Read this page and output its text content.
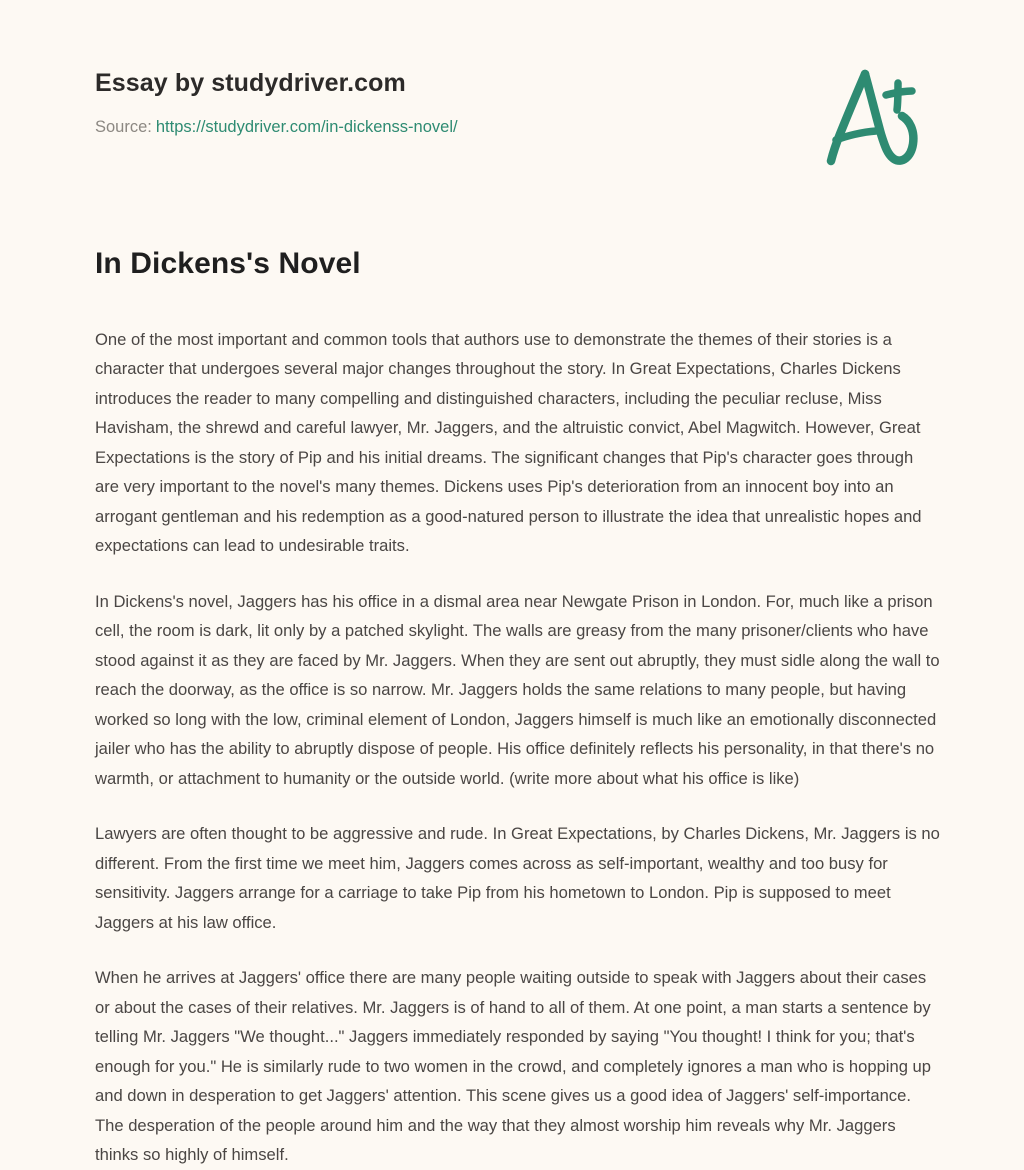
Essay by studydriver.com
Source: https://studydriver.com/in-dickenss-novel/
In Dickens's Novel

One of the most important and common tools that authors use to demonstrate the themes of their stories is a character that undergoes several major changes throughout the story. In Great Expectations, Charles Dickens introduces the reader to many compelling and distinguished characters, including the peculiar recluse, Miss Havisham, the shrewd and careful lawyer, Mr. Jaggers, and the altruistic convict, Abel Magwitch. However, Great Expectations is the story of Pip and his initial dreams. The significant changes that Pip's character goes through are very important to the novel's many themes. Dickens uses Pip's deterioration from an innocent boy into an arrogant gentleman and his redemption as a good-natured person to illustrate the idea that unrealistic hopes and expectations can lead to undesirable traits.

In Dickens's novel, Jaggers has his office in a dismal area near Newgate Prison in London. For, much like a prison cell, the room is dark, lit only by a patched skylight. The walls are greasy from the many prisoner/clients who have stood against it as they are faced by Mr. Jaggers. When they are sent out abruptly, they must sidle along the wall to reach the doorway, as the office is so narrow. Mr. Jaggers holds the same relations to many people, but having worked so long with the low, criminal element of London, Jaggers himself is much like an emotionally disconnected jailer who has the ability to abruptly dispose of people. His office definitely reflects his personality, in that there's no warmth, or attachment to humanity or the outside world. (write more about what his office is like)

Lawyers are often thought to be aggressive and rude. In Great Expectations, by Charles Dickens, Mr. Jaggers is no different. From the first time we meet him, Jaggers comes across as self-important, wealthy and too busy for sensitivity. Jaggers arrange for a carriage to take Pip from his hometown to London. Pip is supposed to meet Jaggers at his law office.

When he arrives at Jaggers' office there are many people waiting outside to speak with Jaggers about their cases or about the cases of their relatives. Mr. Jaggers is of hand to all of them. At one point, a man starts a sentence by telling Mr. Jaggers "We thought..." Jaggers immediately responded by saying "You thought! I think for you; that's enough for you." He is similarly rude to two women in the crowd, and completely ignores a man who is hopping up and down in desperation to get Jaggers' attention. This scene gives us a good idea of Jaggers' self-importance. The desperation of the people around him and the way that they almost worship him reveals why Mr. Jaggers thinks so highly of himself.
